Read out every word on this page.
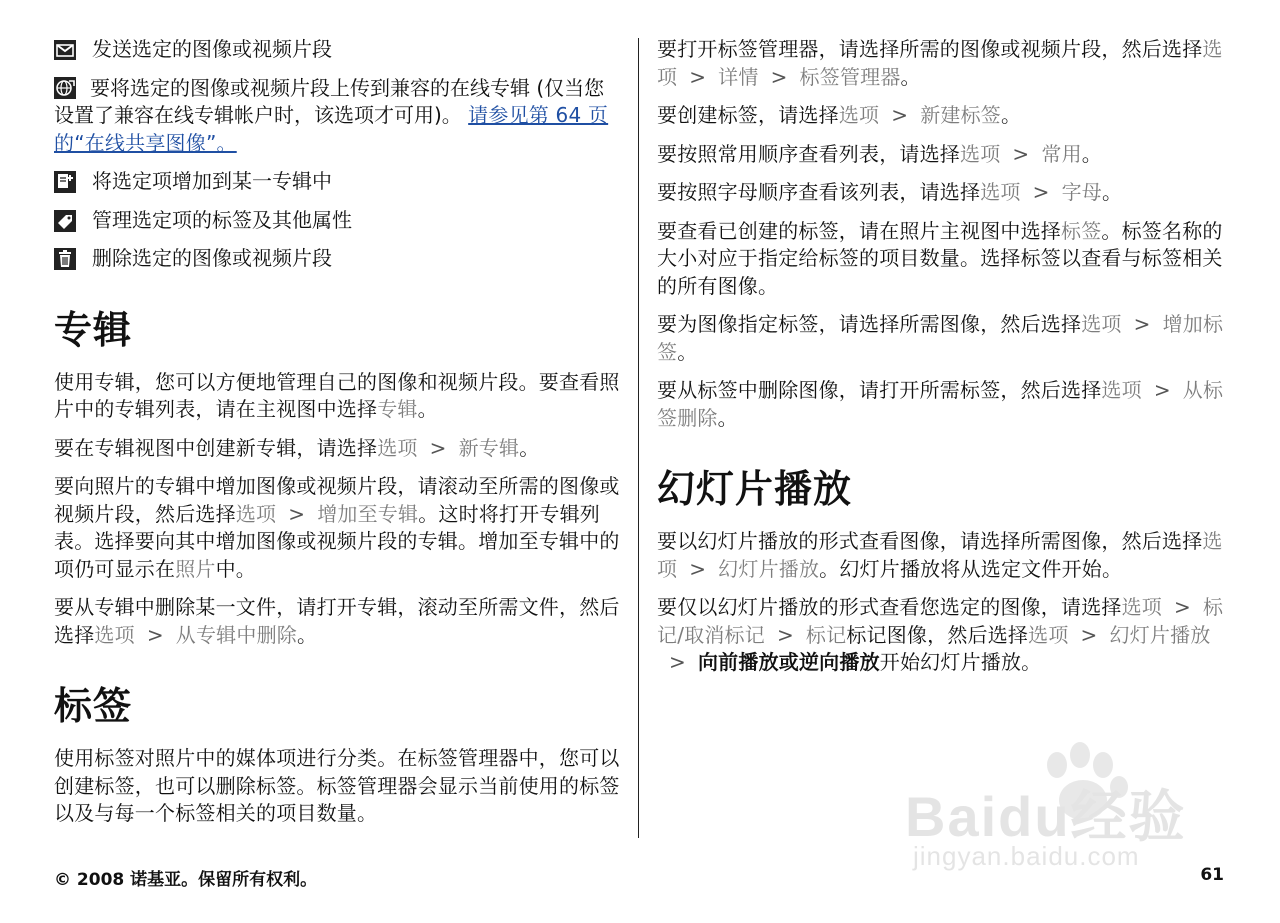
发送选定的图像或视频片段
要将选定的图像或视频片段上传到兼容的在线专辑 (仅当您设置了兼容在线专辑帐户时，该选项才可用)。 请参见第 64 页的“在线共享图像”。
将选定项增加到某一专辑中
管理选定项的标签及其他属性
删除选定的图像或视频片段
专辑

使用专辑，您可以方便地管理自己的图像和视频片段。要查看照片中的专辑列表，请在主视图中选择专辑。

要在专辑视图中创建新专辑，请选择选项 > 新专辑。

要向照片的专辑中增加图像或视频片段，请滚动至所需的图像或视频片段，然后选择选项 > 增加至专辑。这时将打开专辑列表。选择要向其中增加图像或视频片段的专辑。增加至专辑中的项仍可显示在照片中。

要从专辑中删除某一文件，请打开专辑，滚动至所需文件，然后选择选项 > 从专辑中删除。

标签

使用标签对照片中的媒体项进行分类。在标签管理器中，您可以创建标签，也可以删除标签。标签管理器会显示当前使用的标签以及与每一个标签相关的项目数量。

要打开标签管理器，请选择所需的图像或视频片段，然后选择选项 > 详情 > 标签管理器。

要创建标签，请选择选项 > 新建标签。

要按照常用顺序查看列表，请选择选项 > 常用。

要按照字母顺序查看该列表，请选择选项 > 字母。

要查看已创建的标签，请在照片主视图中选择标签。标签名称的大小对应于指定给标签的项目数量。选择标签以查看与标签相关的所有图像。

要为图像指定标签，请选择所需图像，然后选择选项 > 增加标签。

要从标签中删除图像，请打开所需标签，然后选择选项 > 从标签删除。

幻灯片播放

要以幻灯片播放的形式查看图像，请选择所需图像，然后选择选项 > 幻灯片播放。幻灯片播放将从选定文件开始。

要仅以幻灯片播放的形式查看您选定的图像，请选择选项 > 标记/取消标记 > 标记标记图像，然后选择选项 > 幻灯片播放> 向前播放或逆向播放开始幻灯片播放。

Baidu经验
jingyan.baidu.com
© 2008 诺基亚。保留所有权利。	61
